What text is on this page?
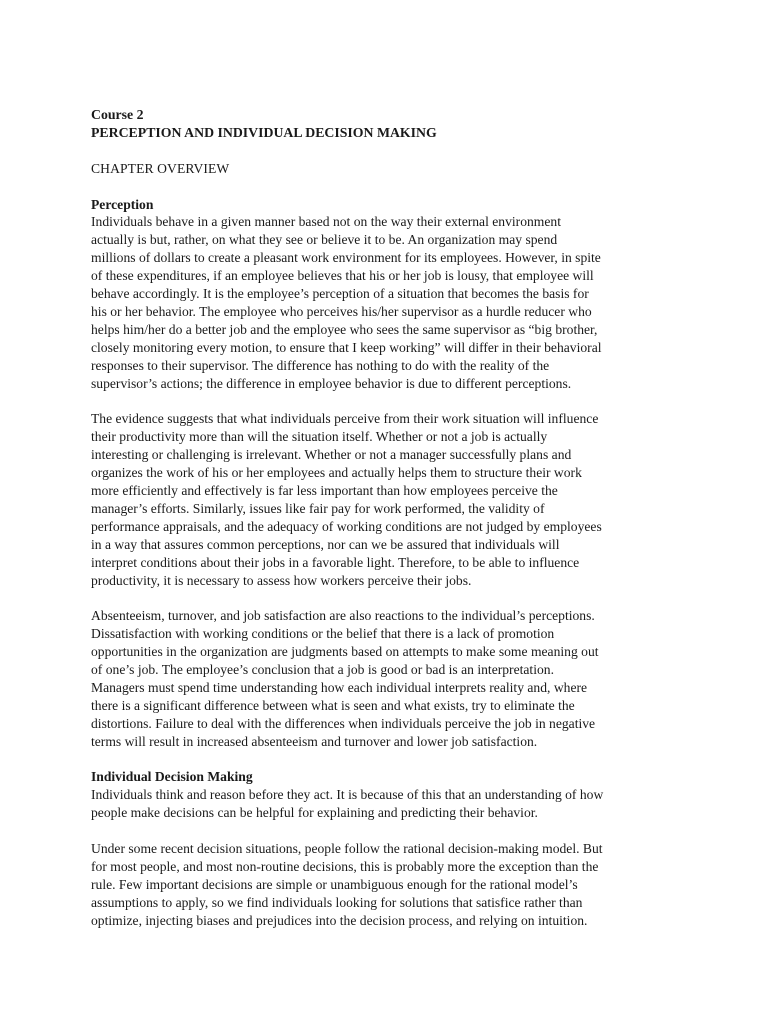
Course 2
PERCEPTION AND INDIVIDUAL DECISION MAKING
CHAPTER OVERVIEW
Perception
Individuals behave in a given manner based not on the way their external environment
actually is but, rather, on what they see or believe it to be. An organization may spend
millions of dollars to create a pleasant work environment for its employees. However, in spite
of these expenditures, if an employee believes that his or her job is lousy, that employee will
behave accordingly. It is the employee’s perception of a situation that becomes the basis for
his or her behavior. The employee who perceives his/her supervisor as a hurdle reducer who
helps him/her do a better job and the employee who sees the same supervisor as “big brother,
closely monitoring every motion, to ensure that I keep working” will differ in their behavioral
responses to their supervisor. The difference has nothing to do with the reality of the
supervisor’s actions; the difference in employee behavior is due to different perceptions.
The evidence suggests that what individuals perceive from their work situation will influence
their productivity more than will the situation itself. Whether or not a job is actually
interesting or challenging is irrelevant. Whether or not a manager successfully plans and
organizes the work of his or her employees and actually helps them to structure their work
more efficiently and effectively is far less important than how employees perceive the
manager’s efforts. Similarly, issues like fair pay for work performed, the validity of
performance appraisals, and the adequacy of working conditions are not judged by employees
in a way that assures common perceptions, nor can we be assured that individuals will
interpret conditions about their jobs in a favorable light. Therefore, to be able to influence
productivity, it is necessary to assess how workers perceive their jobs.
Absenteeism, turnover, and job satisfaction are also reactions to the individual’s perceptions.
Dissatisfaction with working conditions or the belief that there is a lack of promotion
opportunities in the organization are judgments based on attempts to make some meaning out
of one’s job. The employee’s conclusion that a job is good or bad is an interpretation.
Managers must spend time understanding how each individual interprets reality and, where
there is a significant difference between what is seen and what exists, try to eliminate the
distortions. Failure to deal with the differences when individuals perceive the job in negative
terms will result in increased absenteeism and turnover and lower job satisfaction.
Individual Decision Making
Individuals think and reason before they act. It is because of this that an understanding of how
people make decisions can be helpful for explaining and predicting their behavior.
Under some recent decision situations, people follow the rational decision-making model. But
for most people, and most non-routine decisions, this is probably more the exception than the
rule. Few important decisions are simple or unambiguous enough for the rational model’s
assumptions to apply, so we find individuals looking for solutions that satisfice rather than
optimize, injecting biases and prejudices into the decision process, and relying on intuition.
